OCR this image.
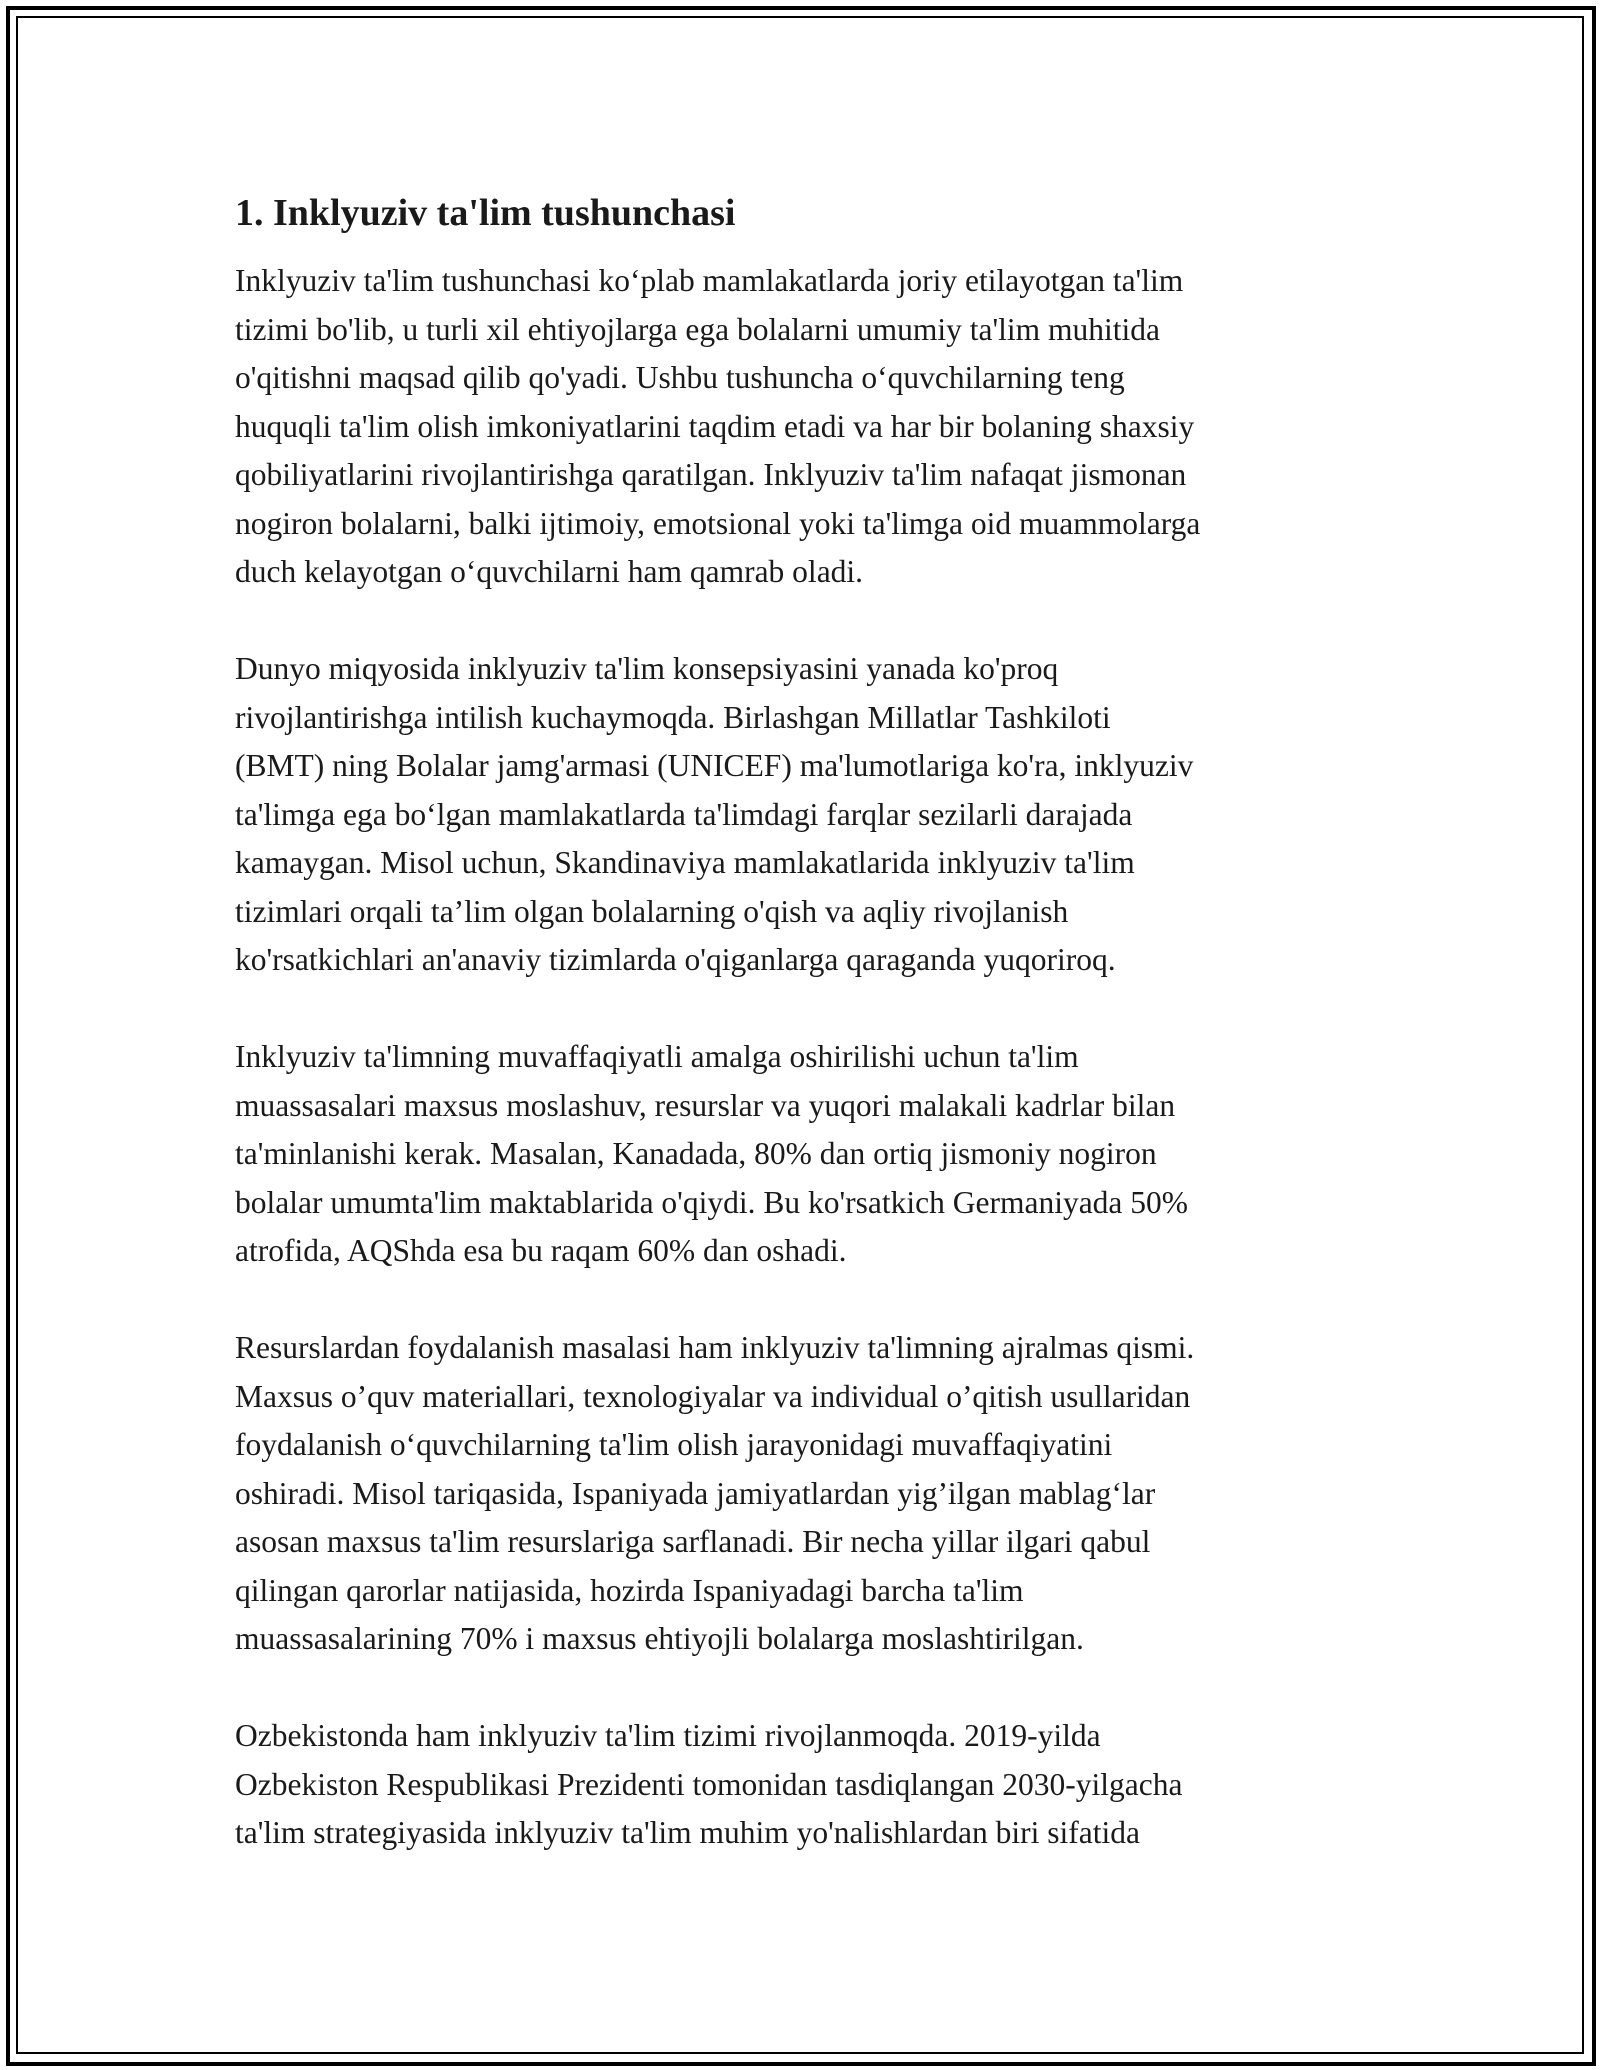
1. Inklyuziv ta'lim tushunchasi

Inklyuziv ta'lim tushunchasi ko‘plab mamlakatlarda joriy etilayotgan ta'lim
tizimi bo'lib, u turli xil ehtiyojlarga ega bolalarni umumiy ta'lim muhitida
o'qitishni maqsad qilib qo'yadi. Ushbu tushuncha o‘quvchilarning teng
huquqli ta'lim olish imkoniyatlarini taqdim etadi va har bir bolaning shaxsiy
qobiliyatlarini rivojlantirishga qaratilgan. Inklyuziv ta'lim nafaqat jismonan
nogiron bolalarni, balki ijtimoiy, emotsional yoki ta'limga oid muammolarga
duch kelayotgan o‘quvchilarni ham qamrab oladi.

Dunyo miqyosida inklyuziv ta'lim konsepsiyasini yanada ko'proq
rivojlantirishga intilish kuchaymoqda. Birlashgan Millatlar Tashkiloti
(BMT) ning Bolalar jamg'armasi (UNICEF) ma'lumotlariga ko'ra, inklyuziv
ta'limga ega bo‘lgan mamlakatlarda ta'limdagi farqlar sezilarli darajada
kamaygan. Misol uchun, Skandinaviya mamlakatlarida inklyuziv ta'lim
tizimlari orqali ta’lim olgan bolalarning o'qish va aqliy rivojlanish
ko'rsatkichlari an'anaviy tizimlarda o'qiganlarga qaraganda yuqoriroq.

Inklyuziv ta'limning muvaffaqiyatli amalga oshirilishi uchun ta'lim
muassasalari maxsus moslashuv, resurslar va yuqori malakali kadrlar bilan
ta'minlanishi kerak. Masalan, Kanadada, 80% dan ortiq jismoniy nogiron
bolalar umumta'lim maktablarida o'qiydi. Bu ko'rsatkich Germaniyada 50%
atrofida, AQShda esa bu raqam 60% dan oshadi.

Resurslardan foydalanish masalasi ham inklyuziv ta'limning ajralmas qismi.
Maxsus o’quv materiallari, texnologiyalar va individual o’qitish usullaridan
foydalanish o‘quvchilarning ta'lim olish jarayonidagi muvaffaqiyatini
oshiradi. Misol tariqasida, Ispaniyada jamiyatlardan yig’ilgan mablag‘lar
asosan maxsus ta'lim resurslariga sarflanadi. Bir necha yillar ilgari qabul
qilingan qarorlar natijasida, hozirda Ispaniyadagi barcha ta'lim
muassasalarining 70% i maxsus ehtiyojli bolalarga moslashtirilgan.

Ozbekistonda ham inklyuziv ta'lim tizimi rivojlanmoqda. 2019-yilda
Ozbekiston Respublikasi Prezidenti tomonidan tasdiqlangan 2030-yilgacha
ta'lim strategiyasida inklyuziv ta'lim muhim yo'nalishlardan biri sifatida
